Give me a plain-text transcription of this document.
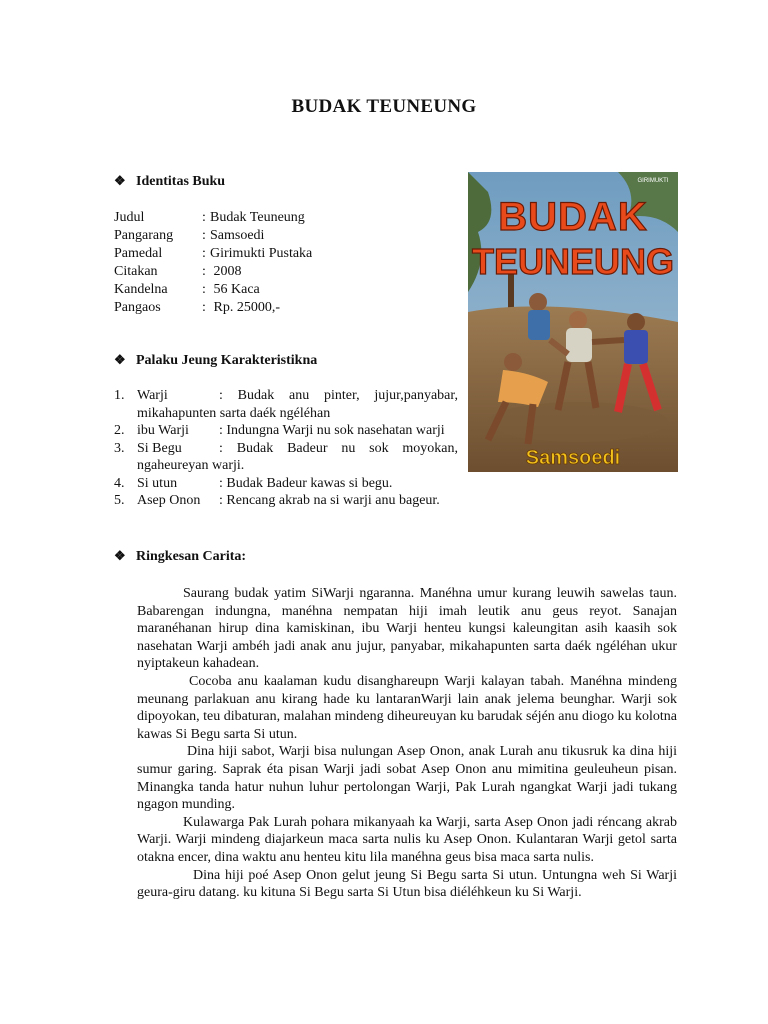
BUDAK TEUNEUNG
❖ Identitas Buku
Judul	: Budak Teuneung
Pangarang	: Samsoedi
Pamedal	: Girimukti Pustaka
Citakan	: 2008
Kandelna	: 56 Kaca
Pangaos	: Rp. 25000,-
❖ Palaku Jeung Karakteristikna
1. Warji	: Budak anu pinter, jujur,panyabar, mikahapunten sarta daék ngéléhan
2. ibu Warji : Indungna Warji nu sok nasehatan warji
3. Si Begu	: Budak Badeur nu sok moyokan, ngaheureyan warji.
4. Si utun	: Budak Badeur kawas si begu.
5. Asep Onon : Rencang akrab na si warji anu bageur.
❖ Ringkesan Carita:

Saurang budak yatim SiWarji ngaranna. Manéhna umur kurang leuwih sawelas taun. Babarengan indungna, manéhna nempatan hiji imah leutik anu geus reyot. Sanajan maranéhanan hirup dina kamiskinan, ibu Warji henteu kungsi kaleungitan asih kaasih sok nasehatan Warji ambéh jadi anak anu jujur, panyabar, mikahapunten sarta daék ngéléhan ukur nyiptakeun kahadean.

Cocoba anu kaalaman kudu disanghareupn Warji kalayan tabah. Manéhna mindeng meunang parlakuan anu kirang hade ku lantaranWarji lain anak jelema beunghar. Warji sok dipoyokan, teu dibaturan, malahan mindeng diheureuyan ku barudak séjén anu diogo ku kolotna kawas Si Begu sarta Si utun.

Dina hiji sabot, Warji bisa nulungan Asep Onon, anak Lurah anu tikusruk ka dina hiji sumur garing. Saprak éta pisan Warji jadi sobat Asep Onon anu mimitina geuleuheun pisan. Minangka tanda hatur nuhun luhur pertolongan Warji, Pak Lurah ngangkat Warji jadi tukang ngagon munding.

Kulawarga Pak Lurah pohara mikanyaah ka Warji, sarta Asep Onon jadi réncang akrab Warji. Warji mindeng diajarkeun maca sarta nulis ku Asep Onon. Kulantaran Warji getol sarta otakna encer, dina waktu anu henteu kitu lila manéhna geus bisa maca sarta nulis.

Dina hiji poé Asep Onon gelut jeung Si Begu sarta Si utun. Untungna weh Si Warji geura-giru datang. ku kituna Si Begu sarta Si Utun bisa diéléhkeun ku Si Warji.

GIRIMUKTI
BUDAK
TEUNEUNG
Samsoedi
